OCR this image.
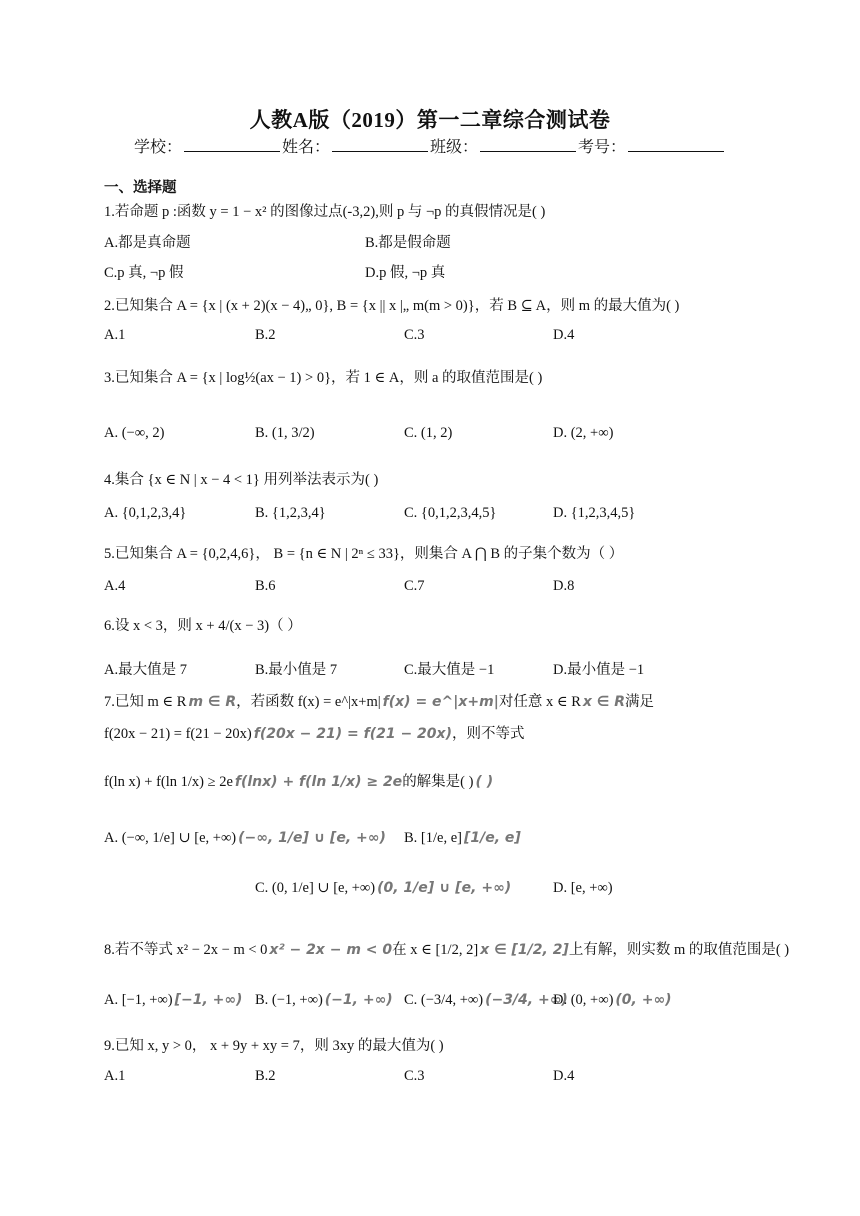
人教A版（2019）第一二章综合测试卷
学校：	姓名：	班级：	考号：
一、选择题
1.若命题 p :函数 y = 1 − x² 的图像过点(-3,2),则 p 与 ¬p 的真假情况是( )
A.都是真命题	B.都是假命题
C.p 真, ¬p 假	D.p 假, ¬p 真
2.已知集合 A = {x | (x + 2)(x − 4)„ 0}, B = {x || x |„ m(m > 0)}，若 B ⊆ A，则 m 的最大值为( )
A.1	B.2	C.3	D.4
3.已知集合 A = {x | log½(ax − 1) > 0}，若 1 ∈ A，则 a 的取值范围是( )
A. (−∞, 2)	B. (1, 3/2)	C. (1, 2)	D. (2, +∞)
4.集合 {x ∈ N | x − 4 < 1} 用列举法表示为( )
A. {0,1,2,3,4}	B. {1,2,3,4}	C. {0,1,2,3,4,5}	D. {1,2,3,4,5}
5.已知集合 A = {0,2,4,6}， B = {n ∈ N | 2ⁿ ≤ 33}，则集合 A ⋂ B 的子集个数为（ ）
A.4	B.6	C.7	D.8
6.设 x < 3，则 x + 4/(x − 3)（ ）
A.最大值是 7	B.最小值是 7	C.最大值是 −1	D.最小值是 −1
7.已知 m ∈ R m ∈ R，若函数 f(x) = e^|x+m| f(x) = e^|x+m|对任意 x ∈ R x ∈ R满足
f(20x − 21) = f(21 − 20x) f(20x − 21) = f(21 − 20x)，则不等式
f(ln x) + f(ln 1/x) ≥ 2e f(lnx) + f(ln 1/x) ≥ 2e的解集是( ) ( )
A. (−∞, 1/e] ∪ [e, +∞) (−∞, 1/e] ∪ [e, +∞) B. [1/e, e] [1/e, e]
C. (0, 1/e] ∪ [e, +∞) (0, 1/e] ∪ [e, +∞)	D. [e, +∞)
8.若不等式 x² − 2x − m < 0 x² − 2x − m < 0在 x ∈ [1/2, 2] x ∈ [1/2, 2]上有解，则实数 m 的取值范围是( )
A. [−1, +∞) [−1, +∞) B. (−1, +∞) (−1, +∞) C. (−3/4, +∞) (−3/4, +∞)
D. (0, +∞) (0, +∞)
9.已知 x, y > 0， x + 9y + xy = 7，则 3xy 的最大值为( )
A.1	B.2	C.3	D.4
